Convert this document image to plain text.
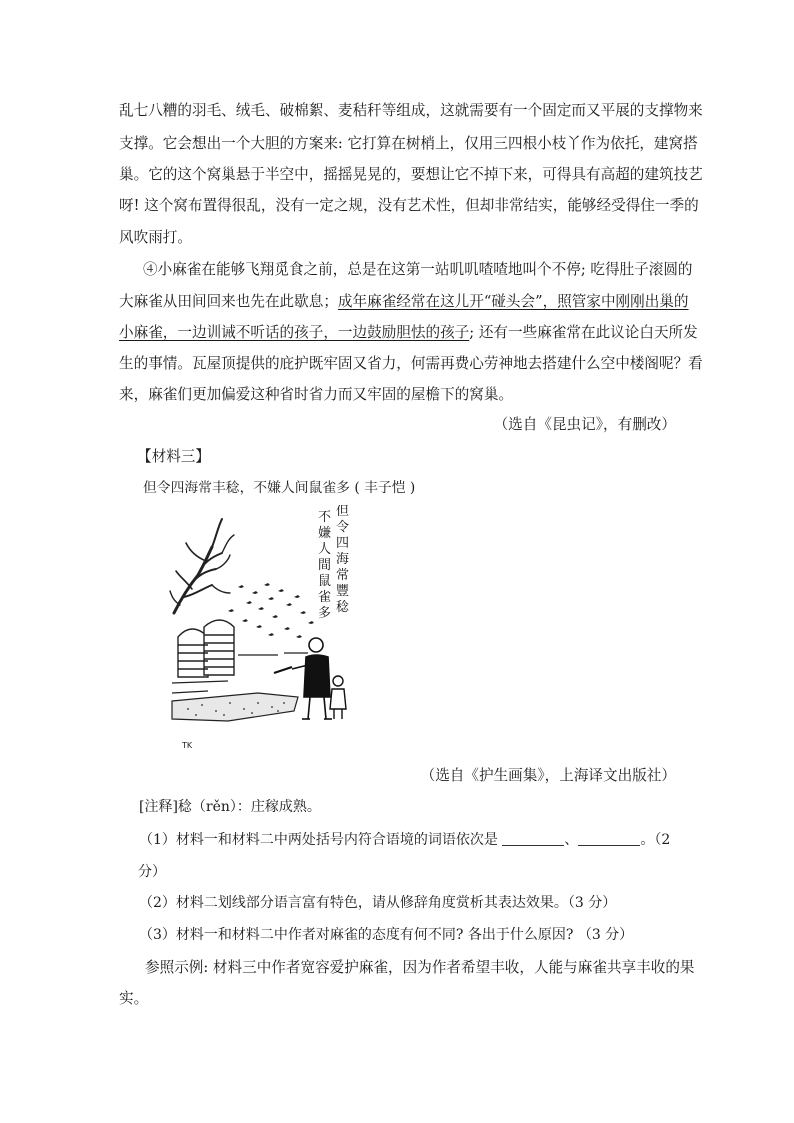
乱七八糟的羽毛、绒毛、破棉絮、麦秸秆等组成，这就需要有一个固定而又平展的支撑物来
支撑。它会想出一个大胆的方案来: 它打算在树梢上，仅用三四根小枝丫作为依托，建窝搭
巢。它的这个窝巢悬于半空中，摇摇晃晃的，要想让它不掉下来，可得具有高超的建筑技艺
呀! 这个窝布置得很乱，没有一定之规，没有艺术性，但却非常结实，能够经受得住一季的
风吹雨打。
④小麻雀在能够飞翔觅食之前，总是在这第一站叽叽喳喳地叫个不停; 吃得肚子滚圆的
大麻雀从田间回来也先在此歇息；成年麻雀经常在这儿开“碰头会”，照管家中刚刚出巢的
小麻雀，一边训诫不听话的孩子，一边鼓励胆怯的孩子; 还有一些麻雀常在此议论白天所发
生的事情。瓦屋顶提供的庇护既牢固又省力，何需再费心劳神地去搭建什么空中楼阁呢？看
来，麻雀们更加偏爱这种省时省力而又牢固的屋檐下的窝巢。
（选自《昆虫记》，有删改）
【材料三】
但令四海常丰稔，不嫌人间鼠雀多 ( 丰子恺 )
不
嫌
人
間
鼠
雀
多
但
令
四
海
常
豐
稔
TK
（选自《护生画集》，上海译文出版社）
[注释]稔（rěn）：庄稼成熟。
（1）材料一和材料二中两处括号内符合语境的词语依次是	、	。（2
分）
（2）材料二划线部分语言富有特色，请从修辞角度赏析其表达效果。（3 分）
（3）材料一和材料二中作者对麻雀的态度有何不同? 各出于什么原因? （3 分）
参照示例: 材料三中作者宽容爱护麻雀，因为作者希望丰收，人能与麻雀共享丰收的果
实。
